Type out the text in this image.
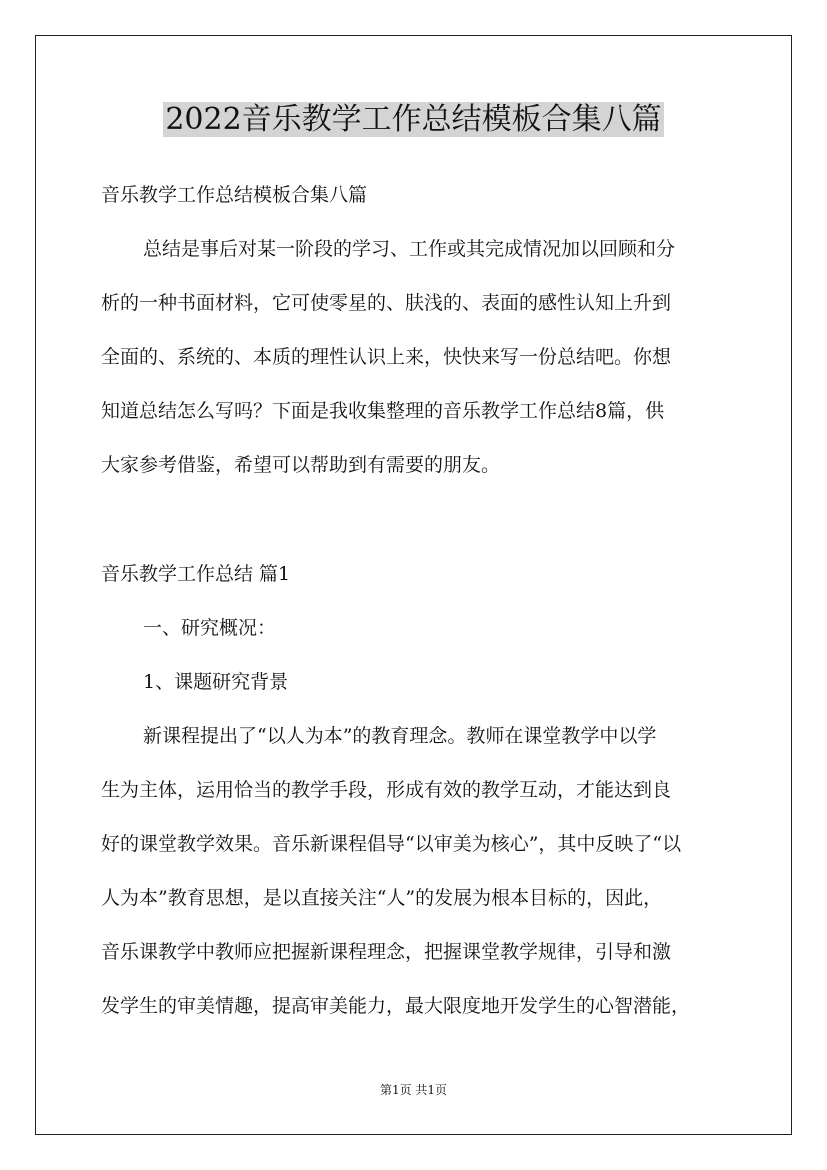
2022音乐教学工作总结模板合集八篇

音乐教学工作总结模板合集八篇

总结是事后对某一阶段的学习、工作或其完成情况加以回顾和分

析的一种书面材料，它可使零星的、肤浅的、表面的感性认知上升到

全面的、系统的、本质的理性认识上来，快快来写一份总结吧。你想

知道总结怎么写吗？下面是我收集整理的音乐教学工作总结8篇，供

大家参考借鉴，希望可以帮助到有需要的朋友。

音乐教学工作总结 篇1

一、研究概况：

1、课题研究背景

新课程提出了“以人为本”的教育理念。教师在课堂教学中以学

生为主体，运用恰当的教学手段，形成有效的教学互动，才能达到良

好的课堂教学效果。音乐新课程倡导“以审美为核心”，其中反映了“以

人为本”教育思想，是以直接关注“人”的发展为根本目标的，因此，

音乐课教学中教师应把握新课程理念，把握课堂教学规律，引导和激

发学生的审美情趣，提高审美能力，最大限度地开发学生的心智潜能，

第1页 共1页
